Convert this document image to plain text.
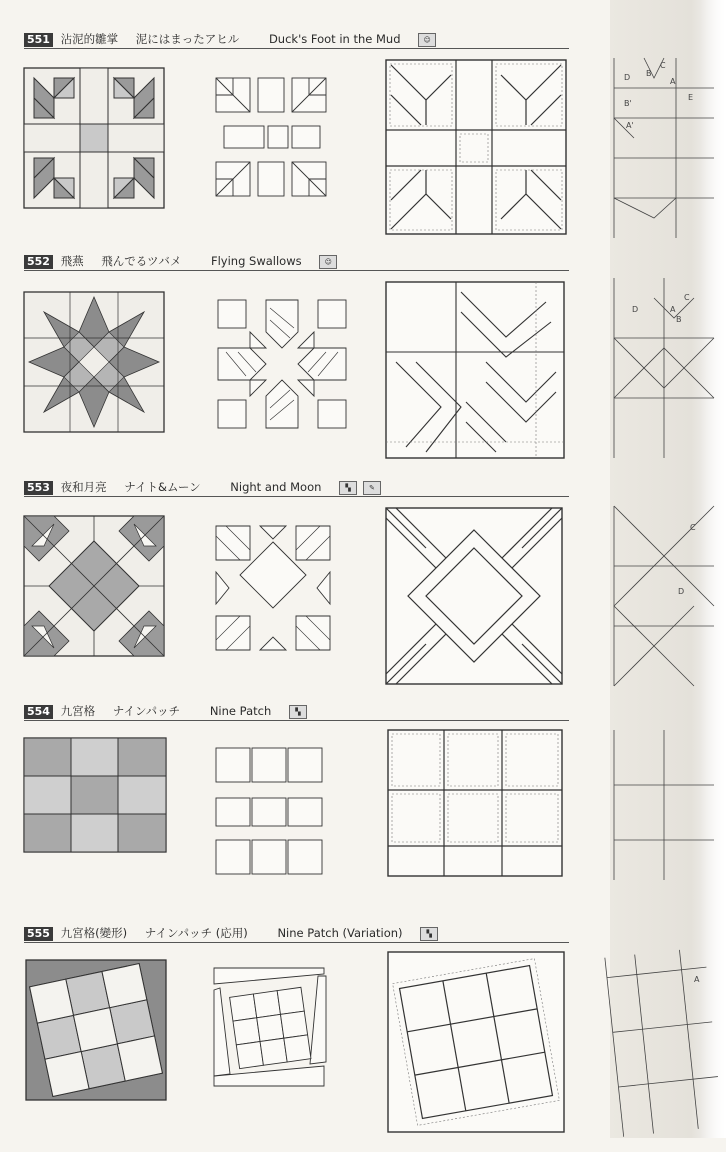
551 沾泥的雛掌 泥にはまったアヒル	Duck's Foot in the Mud	☺
D B
C
A
E
B'
A'
552 飛燕 飛んでるツバメ	Flying Swallows	☺
D
C
A
B
553 夜和月亮 ナイト&ムーン	Night and Moon	▚	✎
C
D
554 九宮格 ナインパッチ	Nine Patch	▚
555 九宮格(變形) ナインパッチ (応用)	Nine Patch (Variation)	▚
A
